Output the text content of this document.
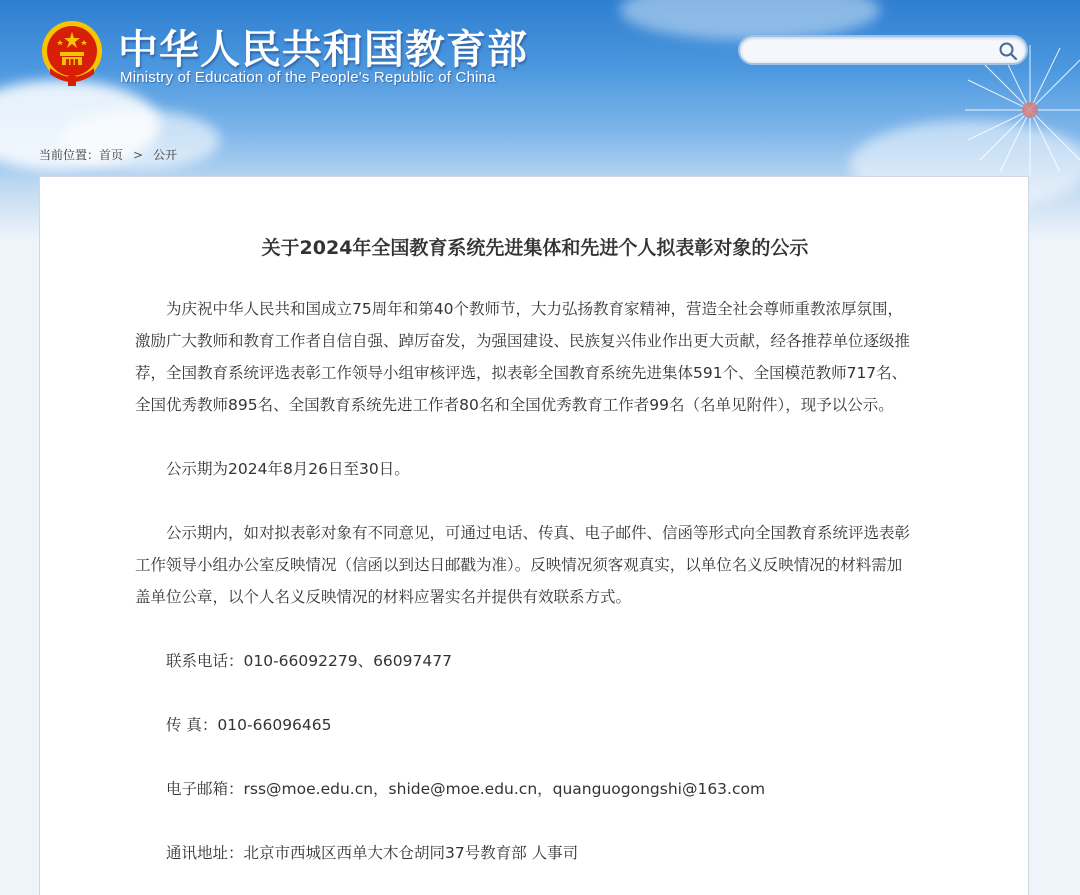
中华人民共和国教育部
Ministry of Education of the People's Republic of China
当前位置： 首页 > 公开
关于2024年全国教育系统先进集体和先进个人拟表彰对象的公示
为庆祝中华人民共和国成立75周年和第40个教师节，大力弘扬教育家精神，营造全社会尊师重教浓厚氛围，
激励广大教师和教育工作者自信自强、踔厉奋发，为强国建设、民族复兴伟业作出更大贡献，经各推荐单位逐级推
荐，全国教育系统评选表彰工作领导小组审核评选，拟表彰全国教育系统先进集体591个、全国模范教师717名、
全国优秀教师895名、全国教育系统先进工作者80名和全国优秀教育工作者99名（名单见附件），现予以公示。
公示期为2024年8月26日至30日。
公示期内，如对拟表彰对象有不同意见，可通过电话、传真、电子邮件、信函等形式向全国教育系统评选表彰
工作领导小组办公室反映情况（信函以到达日邮戳为准）。反映情况须客观真实，以单位名义反映情况的材料需加
盖单位公章，以个人名义反映情况的材料应署实名并提供有效联系方式。
联系电话：010-66092279、66097477
传 真：010-66096465
电子邮箱：rss@moe.edu.cn，shide@moe.edu.cn，quanguogongshi@163.com
通讯地址：北京市西城区西单大木仓胡同37号教育部 人事司
